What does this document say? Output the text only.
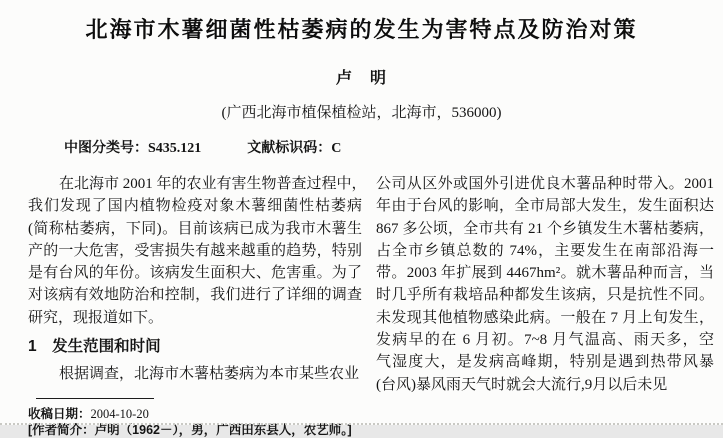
北海市木薯细菌性枯萎病的发生为害特点及防治对策
卢　明
(广西北海市植保植检站，北海市，536000)
中图分类号：S435.121	文献标识码：C
在北海市 2001 年的农业有害生物普查过程中，
我们发现了国内植物检疫对象木薯细菌性枯萎病
(简称枯萎病，下同)。目前该病已成为我市木薯生
产的一大危害，受害损失有越来越重的趋势，特别
是有台风的年份。该病发生面积大、危害重。为了
对该病有效地防治和控制，我们进行了详细的调查
研究，现报道如下。
1　发生范围和时间
根据调查，北海市木薯枯萎病为本市某些农业
收稿日期：2004-10-20
[作者简介：卢明（1962－），男，广西田东县人，农艺师。]
公司从区外或国外引进优良木薯品种时带入。2001
年由于台风的影响，全市局部大发生，发生面积达
867 多公顷，全市共有 21 个乡镇发生木薯枯萎病，
占全市乡镇总数的 74%，主要发生在南部沿海一
带。2003 年扩展到 4467hm²。就木薯品种而言，当
时几乎所有栽培品种都发生该病，只是抗性不同。
未发现其他植物感染此病。一般在 7 月上旬发生，
发病早的在 6 月初。7~8 月气温高、雨天多，空
气湿度大，是发病高峰期，特别是遇到热带风暴
(台风)暴风雨天气时就会大流行,9月以后未见
